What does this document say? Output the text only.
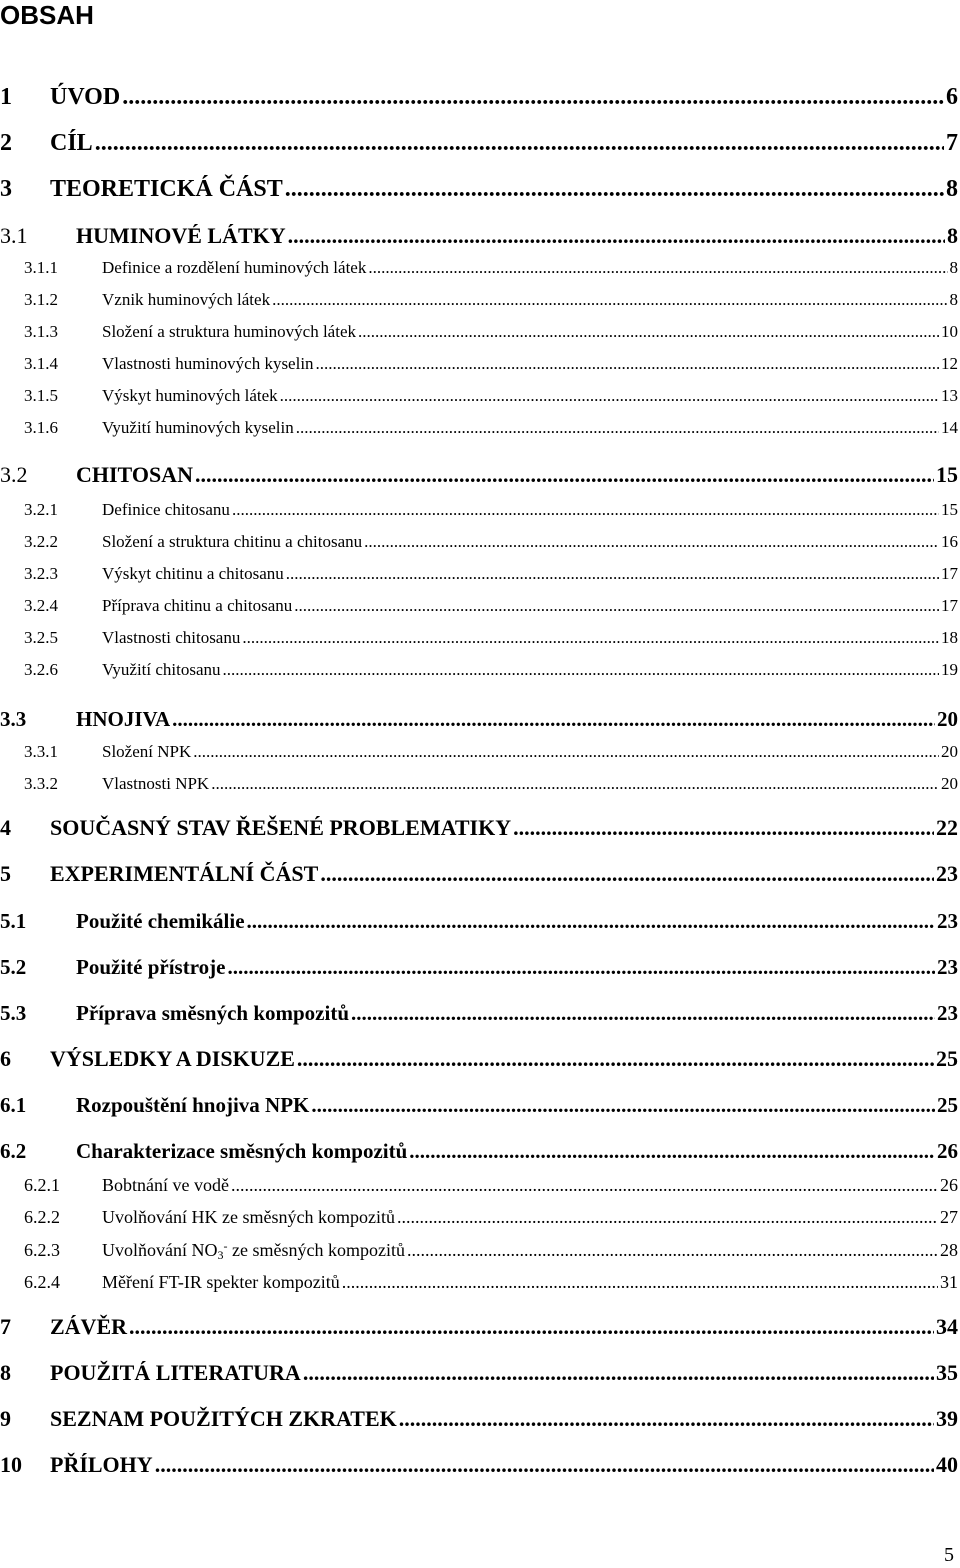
OBSAH
1	ÚVOD .....	6
2	CÍL .....	7
3	TEORETICKÁ ČÁST .....	8
3.1	HUMINOVÉ LÁTKY .....	8
3.1.1	Definice a rozdělení huminových látek .....	8
3.1.2	Vznik huminových látek .....	8
3.1.3	Složení a struktura huminových látek .....	10
3.1.4	Vlastnosti huminových kyselin .....	12
3.1.5	Výskyt huminových látek .....	13
3.1.6	Využití huminových kyselin .....	14
3.2	CHITOSAN .....	15
3.2.1	Definice chitosanu .....	15
3.2.2	Složení a struktura chitinu a chitosanu .....	16
3.2.3	Výskyt chitinu a chitosanu .....	17
3.2.4	Příprava chitinu a chitosanu .....	17
3.2.5	Vlastnosti chitosanu .....	18
3.2.6	Využití chitosanu .....	19
3.3	HNOJIVA .....	20
3.3.1	Složení NPK .....	20
3.3.2	Vlastnosti NPK .....	20
4	SOUČASNÝ STAV ŘEŠENÉ PROBLEMATIKY .....	22
5	EXPERIMENTÁLNÍ ČÁST .....	23
5.1	Použité chemikálie .....	23
5.2	Použité přístroje .....	23
5.3	Příprava směsných kompozitů .....	23
6	VÝSLEDKY A DISKUZE .....	25
6.1	Rozpouštění hnojiva NPK .....	25
6.2	Charakterizace směsných kompozitů .....	26
6.2.1	Bobtnání ve vodě .....	26
6.2.2	Uvolňování HK ze směsných kompozitů .....	27
6.2.3	Uvolňování $NO_3^-$ ze směsných kompozitů .....	28
6.2.4	Měření FT-IR spekter kompozitů .....	31
7	ZÁVĚR .....	34
8	POUŽITÁ LITERATURA .....	35
9	SEZNAM POUŽITÝCH ZKRATEK .....	39
10	PŘÍLOHY .....	40
5
